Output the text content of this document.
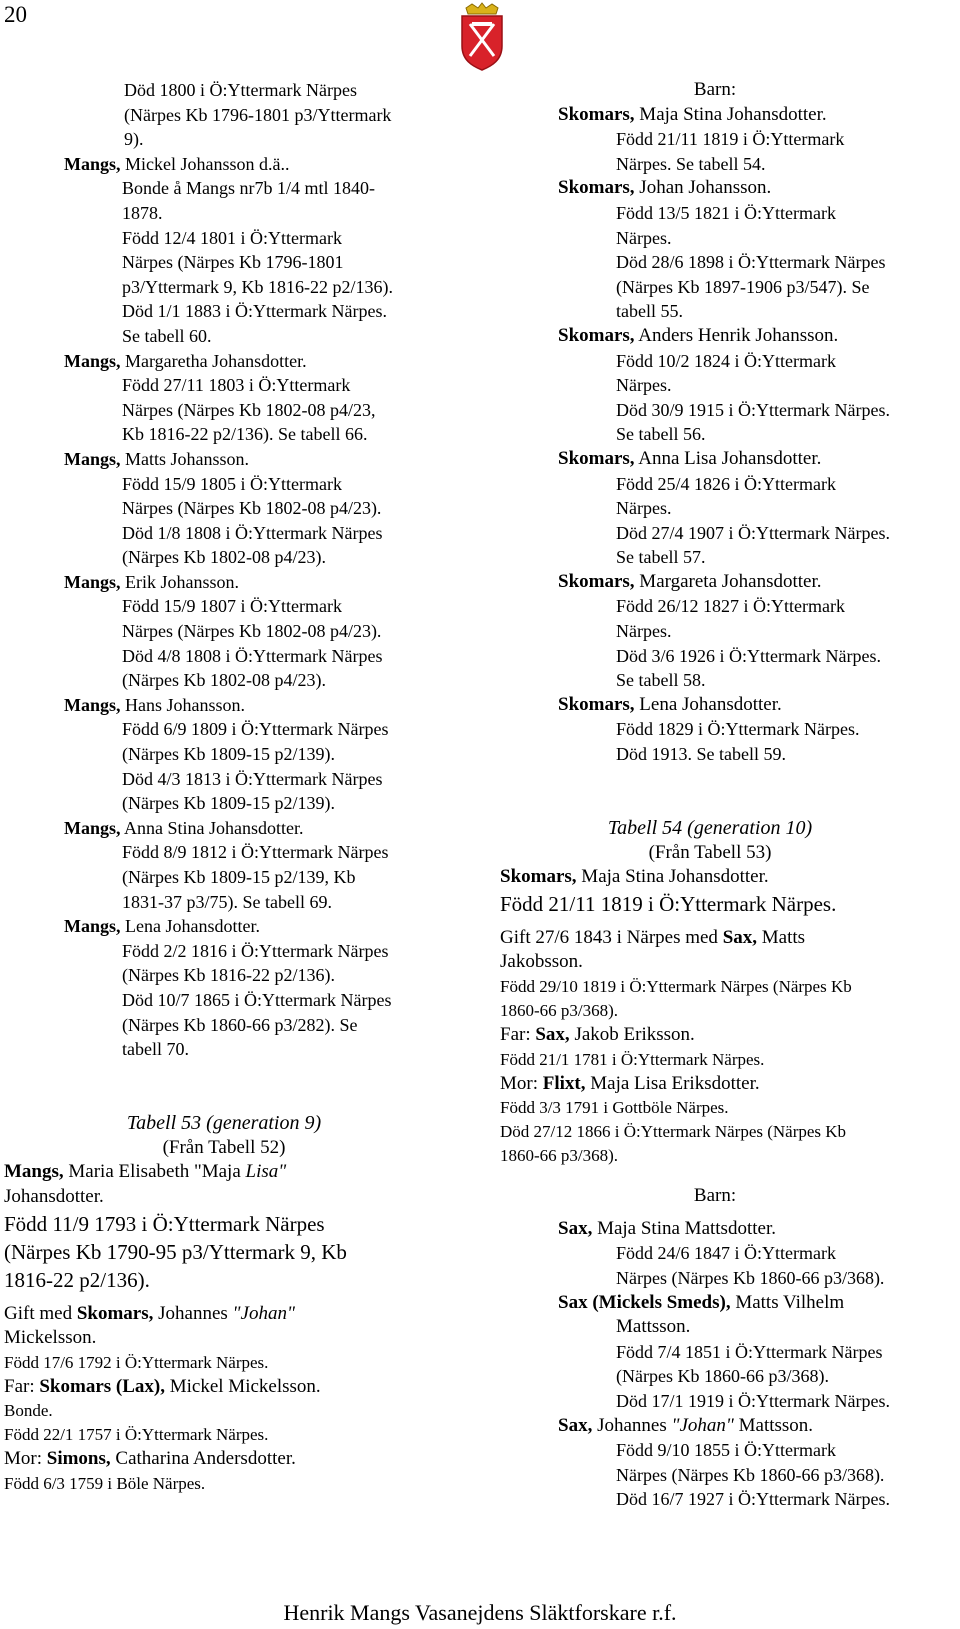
20
Död 1800 i Ö:Yttermark Närpes
(Närpes Kb 1796-1801 p3/Yttermark
9).
Mangs, Mickel Johansson d.ä..
Bonde å Mangs nr7b 1/4 mtl 1840-
1878.
Född 12/4 1801 i Ö:Yttermark
Närpes (Närpes Kb 1796-1801
p3/Yttermark 9, Kb 1816-22 p2/136).
Död 1/1 1883 i Ö:Yttermark Närpes.
Se tabell 60.
Mangs, Margaretha Johansdotter.
Född 27/11 1803 i Ö:Yttermark
Närpes (Närpes Kb 1802-08 p4/23,
Kb 1816-22 p2/136). Se tabell 66.
Mangs, Matts Johansson.
Född 15/9 1805 i Ö:Yttermark
Närpes (Närpes Kb 1802-08 p4/23).
Död 1/8 1808 i Ö:Yttermark Närpes
(Närpes Kb 1802-08 p4/23).
Mangs, Erik Johansson.
Född 15/9 1807 i Ö:Yttermark
Närpes (Närpes Kb 1802-08 p4/23).
Död 4/8 1808 i Ö:Yttermark Närpes
(Närpes Kb 1802-08 p4/23).
Mangs, Hans Johansson.
Född 6/9 1809 i Ö:Yttermark Närpes
(Närpes Kb 1809-15 p2/139).
Död 4/3 1813 i Ö:Yttermark Närpes
(Närpes Kb 1809-15 p2/139).
Mangs, Anna Stina Johansdotter.
Född 8/9 1812 i Ö:Yttermark Närpes
(Närpes Kb 1809-15 p2/139, Kb
1831-37 p3/75). Se tabell 69.
Mangs, Lena Johansdotter.
Född 2/2 1816 i Ö:Yttermark Närpes
(Närpes Kb 1816-22 p2/136).
Död 10/7 1865 i Ö:Yttermark Närpes
(Närpes Kb 1860-66 p3/282). Se
tabell 70.
Tabell 53 (generation 9)
(Från Tabell 52)
Mangs, Maria Elisabeth "Maja Lisa"
Johansdotter.
Född 11/9 1793 i Ö:Yttermark Närpes
(Närpes Kb 1790-95 p3/Yttermark 9, Kb
1816-22 p2/136).
Gift med Skomars, Johannes "Johan"
Mickelsson.
Född 17/6 1792 i Ö:Yttermark Närpes.
Far: Skomars (Lax), Mickel Mickelsson.
Bonde.
Född 22/1 1757 i Ö:Yttermark Närpes.
Mor: Simons, Catharina Andersdotter.
Född 6/3 1759 i Böle Närpes.
Barn:
Skomars, Maja Stina Johansdotter.
Född 21/11 1819 i Ö:Yttermark
Närpes. Se tabell 54.
Skomars, Johan Johansson.
Född 13/5 1821 i Ö:Yttermark
Närpes.
Död 28/6 1898 i Ö:Yttermark Närpes
(Närpes Kb 1897-1906 p3/547). Se
tabell 55.
Skomars, Anders Henrik Johansson.
Född 10/2 1824 i Ö:Yttermark
Närpes.
Död 30/9 1915 i Ö:Yttermark Närpes.
Se tabell 56.
Skomars, Anna Lisa Johansdotter.
Född 25/4 1826 i Ö:Yttermark
Närpes.
Död 27/4 1907 i Ö:Yttermark Närpes.
Se tabell 57.
Skomars, Margareta Johansdotter.
Född 26/12 1827 i Ö:Yttermark
Närpes.
Död 3/6 1926 i Ö:Yttermark Närpes.
Se tabell 58.
Skomars, Lena Johansdotter.
Född 1829 i Ö:Yttermark Närpes.
Död 1913. Se tabell 59.
Tabell 54 (generation 10)
(Från Tabell 53)
Skomars, Maja Stina Johansdotter.
Född 21/11 1819 i Ö:Yttermark Närpes.
Gift 27/6 1843 i Närpes med Sax, Matts
Jakobsson.
Född 29/10 1819 i Ö:Yttermark Närpes (Närpes Kb
1860-66 p3/368).
Far: Sax, Jakob Eriksson.
Född 21/1 1781 i Ö:Yttermark Närpes.
Mor: Flixt, Maja Lisa Eriksdotter.
Född 3/3 1791 i Gottböle Närpes.
Död 27/12 1866 i Ö:Yttermark Närpes (Närpes Kb
1860-66 p3/368).
Barn:
Sax, Maja Stina Mattsdotter.
Född 24/6 1847 i Ö:Yttermark
Närpes (Närpes Kb 1860-66 p3/368).
Sax (Mickels Smeds), Matts Vilhelm
Mattsson.
Född 7/4 1851 i Ö:Yttermark Närpes
(Närpes Kb 1860-66 p3/368).
Död 17/1 1919 i Ö:Yttermark Närpes.
Sax, Johannes "Johan" Mattsson.
Född 9/10 1855 i Ö:Yttermark
Närpes (Närpes Kb 1860-66 p3/368).
Död 16/7 1927 i Ö:Yttermark Närpes.
Henrik Mangs Vasanejdens Släktforskare r.f.
